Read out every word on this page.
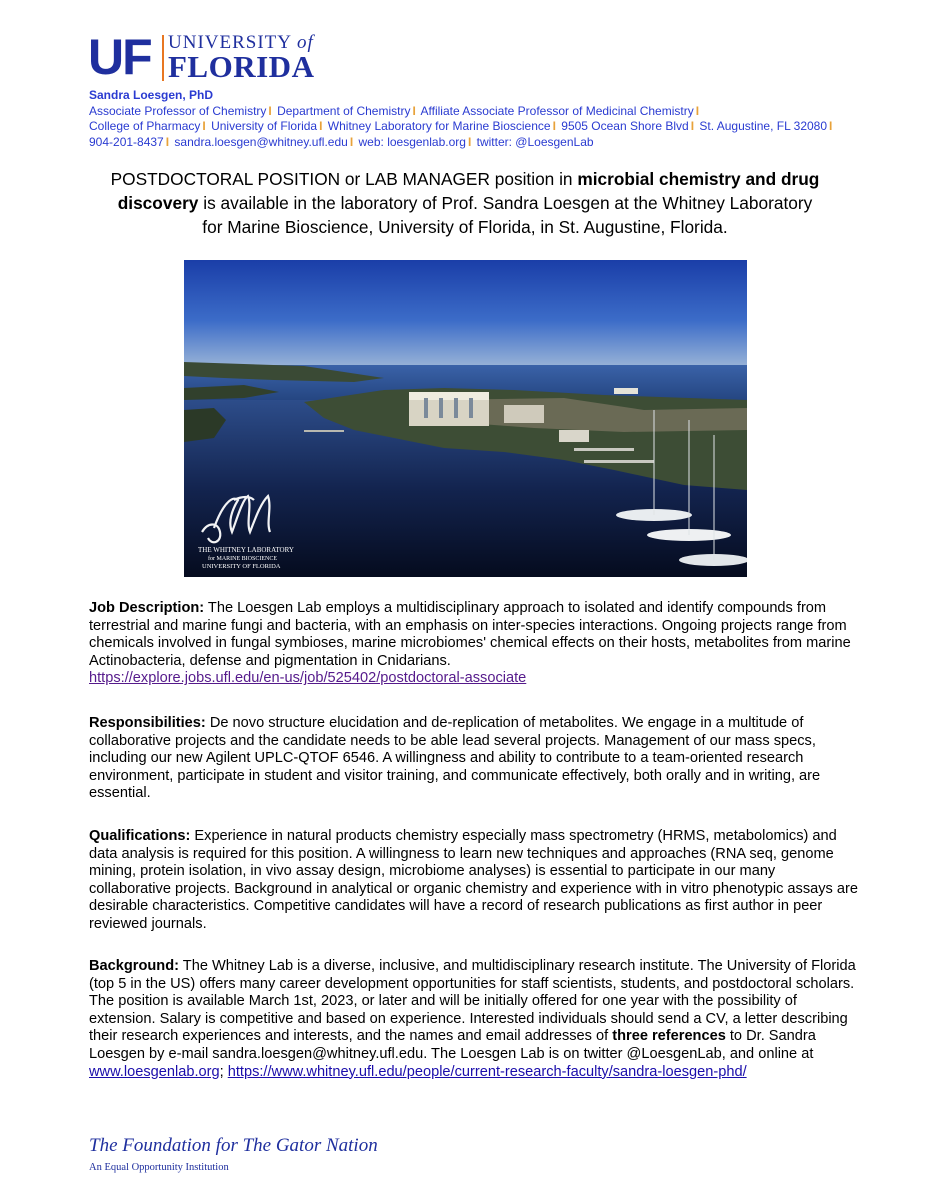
UF UNIVERSITY of
FLORIDA
Sandra Loesgen, PhD
Associate Professor of Chemistry I Department of Chemistry I Affiliate Associate Professor of Medicinal Chemistry I
College of Pharmacy I University of Florida I Whitney Laboratory for Marine Bioscience I 9505 Ocean Shore Blvd I St. Augustine, FL 32080 I 904-201-8437 I sandra.loesgen@whitney.ufl.edu I web: loesgenlab.org I twitter: @LoesgenLab
POSTDOCTORAL POSITION or LAB MANAGER position in microbial chemistry and drug discovery is available in the laboratory of Prof. Sandra Loesgen at the Whitney Laboratory for Marine Bioscience, University of Florida, in St. Augustine, Florida.
THE WHITNEY LABORATORY
for MARINE BIOSCIENCE
UNIVERSITY OF FLORIDA
Job Description: The Loesgen Lab employs a multidisciplinary approach to isolated and identify compounds from terrestrial and marine fungi and bacteria, with an emphasis on inter-species interactions. Ongoing projects range from chemicals involved in fungal symbioses, marine microbiomes' chemical effects on their hosts, metabolites from marine Actinobacteria, defense and pigmentation in Cnidarians.
https://explore.jobs.ufl.edu/en-us/job/525402/postdoctoral-associate
Responsibilities: De novo structure elucidation and de-replication of metabolites. We engage in a multitude of collaborative projects and the candidate needs to be able lead several projects. Management of our mass specs, including our new Agilent UPLC-QTOF 6546. A willingness and ability to contribute to a team-oriented research environment, participate in student and visitor training, and communicate effectively, both orally and in writing, are essential.
Qualifications: Experience in natural products chemistry especially mass spectrometry (HRMS, metabolomics) and data analysis is required for this position. A willingness to learn new techniques and approaches (RNA seq, genome mining, protein isolation, in vivo assay design, microbiome analyses) is essential to participate in our many collaborative projects. Background in analytical or organic chemistry and experience with in vitro phenotypic assays are desirable characteristics. Competitive candidates will have a record of research publications as first author in peer reviewed journals.
Background: The Whitney Lab is a diverse, inclusive, and multidisciplinary research institute. The University of Florida (top 5 in the US) offers many career development opportunities for staff scientists, students, and postdoctoral scholars. The position is available March 1st, 2023, or later and will be initially offered for one year with the possibility of extension. Salary is competitive and based on experience. Interested individuals should send a CV, a letter describing their research experiences and interests, and the names and email addresses of three references to Dr. Sandra Loesgen by e-mail sandra.loesgen@whitney.ufl.edu. The Loesgen Lab is on twitter @LoesgenLab, and online at www.loesgenlab.org; https://www.whitney.ufl.edu/people/current-research-faculty/sandra-loesgen-phd/
The Foundation for The Gator Nation
An Equal Opportunity Institution
